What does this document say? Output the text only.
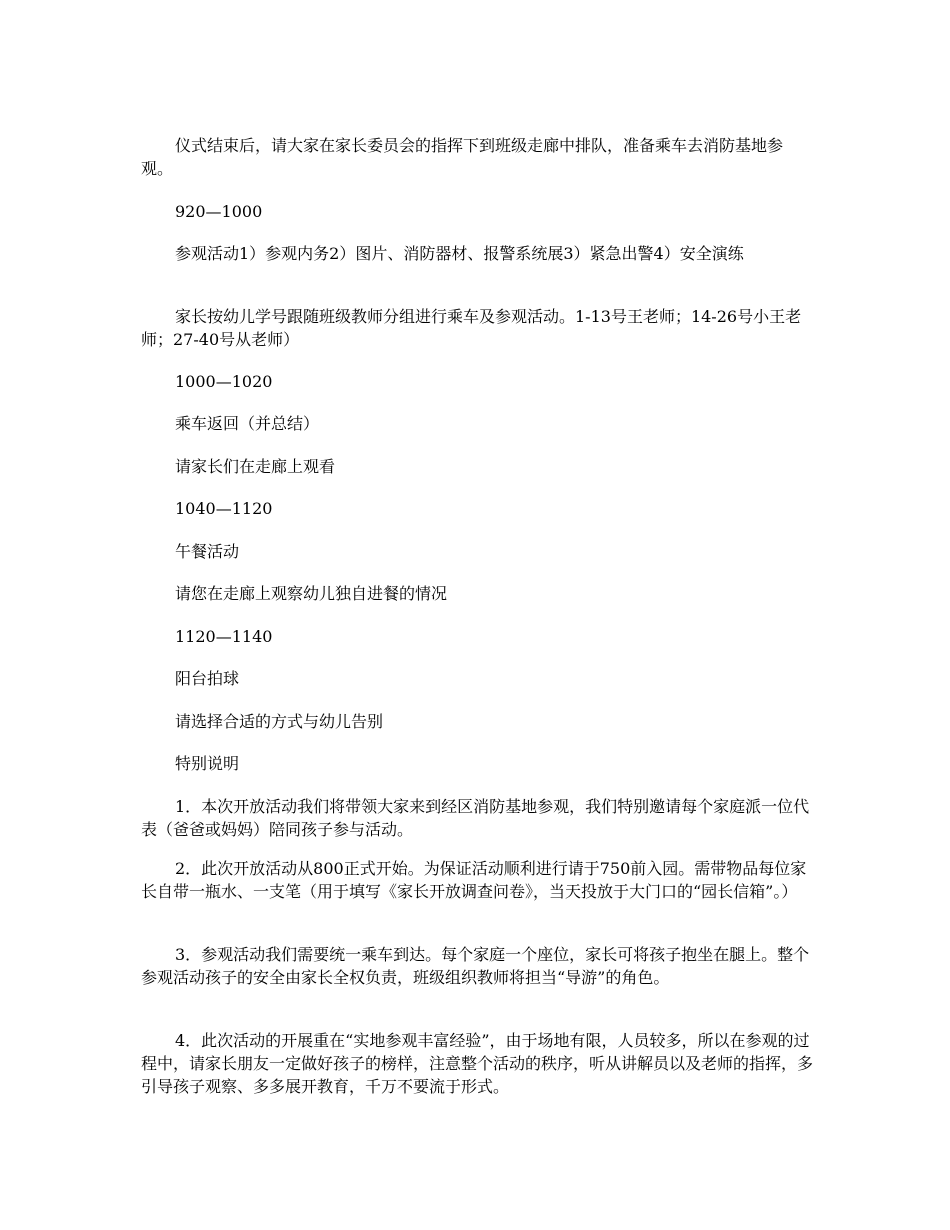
仪式结束后，请大家在家长委员会的指挥下到班级走廊中排队，准备乘车去消防基地参观。

920—1000

参观活动1）参观内务2）图片、消防器材、报警系统展3）紧急出警4）安全演练

家长按幼儿学号跟随班级教师分组进行乘车及参观活动。1-13号王老师；14-26号小王老师；27-40号从老师）

1000—1020

乘车返回（并总结）

请家长们在走廊上观看

1040—1120

午餐活动

请您在走廊上观察幼儿独自进餐的情况

1120—1140

阳台拍球

请选择合适的方式与幼儿告别

特别说明

1．本次开放活动我们将带领大家来到经区消防基地参观，我们特别邀请每个家庭派一位代表（爸爸或妈妈）陪同孩子参与活动。

2．此次开放活动从800正式开始。为保证活动顺利进行请于750前入园。需带物品每位家长自带一瓶水、一支笔（用于填写《家长开放调查问卷》，当天投放于大门口的“园长信箱”。）

3．参观活动我们需要统一乘车到达。每个家庭一个座位，家长可将孩子抱坐在腿上。整个参观活动孩子的安全由家长全权负责，班级组织教师将担当“导游”的角色。

4．此次活动的开展重在“实地参观丰富经验”，由于场地有限，人员较多，所以在参观的过程中，请家长朋友一定做好孩子的榜样，注意整个活动的秩序，听从讲解员以及老师的指挥，多引导孩子观察、多多展开教育，千万不要流于形式。
